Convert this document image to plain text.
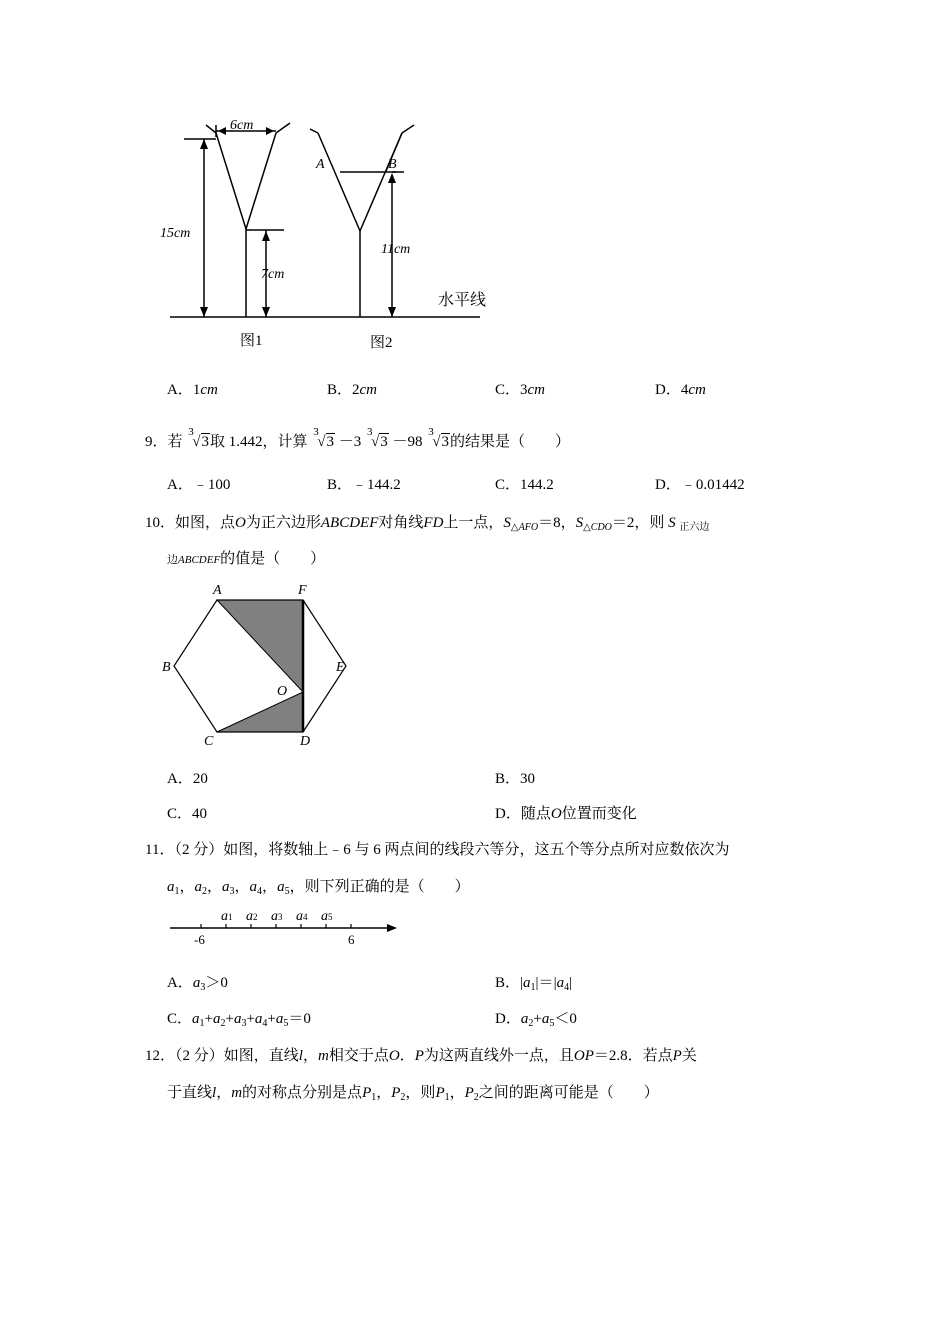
6cm
15cm
7cm
11cm
A	B
水平线
图1	图2
A．1cm	B．2cm	C．3cm	D．4cm
9．若
3
√3取 1.442，计算
3
√3 －3
3
√3 －98
3
√3的结果是（　　）
A．﹣100	B．﹣144.2	C．144.2	D．﹣0.01442
10．如图，点O为正六边形ABCDEF对角线FD上一点，$S_{\triangle AFO}=8$，$S_{\triangle CDO}=2$，则 S $_{正六边}$
边ABCDEF的值是（　　）
A	F
B	E
O
C	D
A．20	B．30
C．40	D．随点O位置而变化
11．（2 分）如图，将数轴上﹣6 与 6 两点间的线段六等分，这五个等分点所对应数依次为
$a_1$，$a_2$，$a_3$，$a_4$，$a_5$，则下列正确的是（　　）
-6	6
a1 a2 a3 a4 a5
A．$a_3>0$	B．$|a_1|=|a_4|$
C．$a_1+a_2+a_3+a_4+a_5=0$	D．$a_2+a_5<0$
12．（2 分）如图，直线l，m相交于点O．P为这两直线外一点，且OP＝2.8．若点P关
于直线l，m的对称点分别是点$P_1$，$P_2$，则$P_1$，$P_2$之间的距离可能是（　　）
